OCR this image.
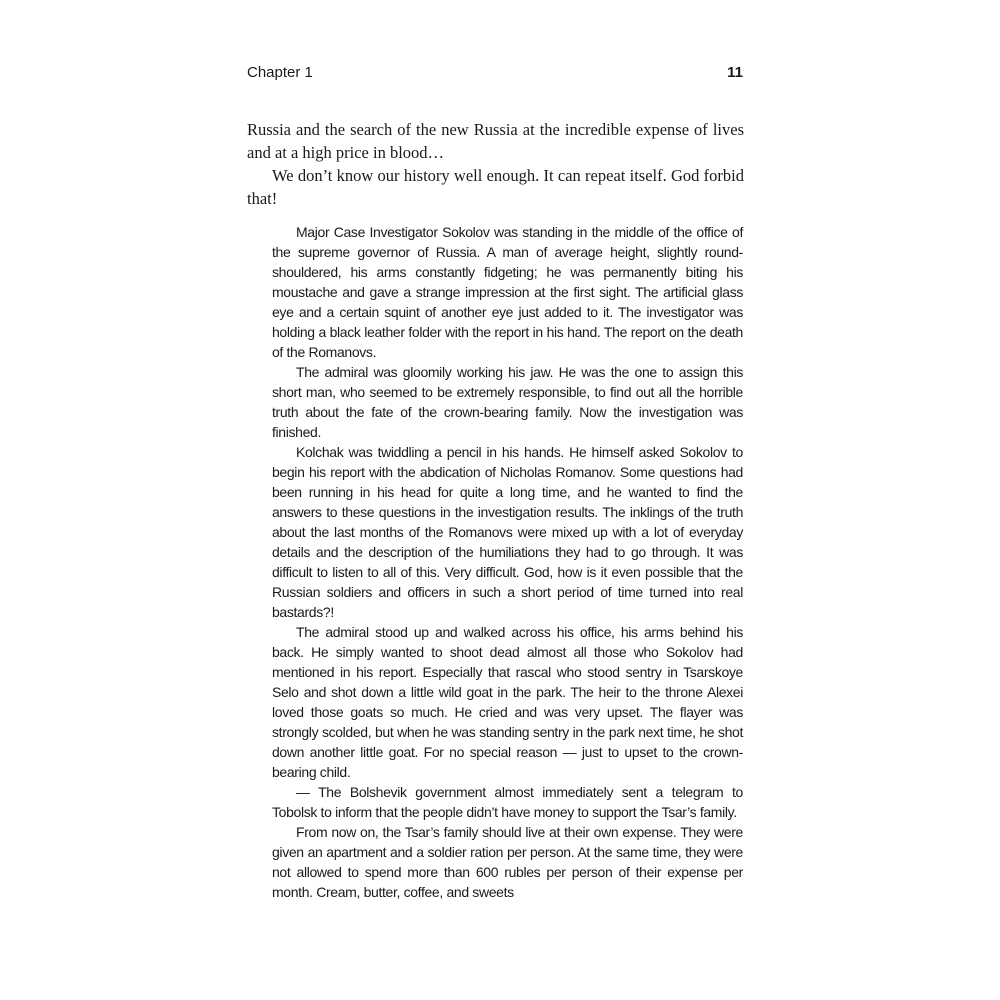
Chapter 1	11

Russia and the search of the new Russia at the incredible expense of lives and at a high price in blood…

We don’t know our history well enough. It can repeat itself. God forbid that!

Major Case Investigator Sokolov was standing in the middle of the office of the supreme governor of Russia. A man of average height, slightly round-shouldered, his arms constantly fidgeting; he was permanently biting his moustache and gave a strange impression at the first sight. The artificial glass eye and a certain squint of another eye just added to it. The investigator was holding a black leather folder with the report in his hand. The report on the death of the Romanovs.

The admiral was gloomily working his jaw. He was the one to assign this short man, who seemed to be extremely responsible, to find out all the horrible truth about the fate of the crown-bearing family. Now the investigation was finished.

Kolchak was twiddling a pencil in his hands. He himself asked Sokolov to begin his report with the abdication of Nicholas Romanov. Some questions had been running in his head for quite a long time, and he wanted to find the answers to these questions in the investigation results. The inklings of the truth about the last months of the Romanovs were mixed up with a lot of everyday details and the description of the humiliations they had to go through. It was difficult to listen to all of this. Very difficult. God, how is it even possible that the Russian soldiers and officers in such a short period of time turned into real bastards?!

The admiral stood up and walked across his office, his arms behind his back. He simply wanted to shoot dead almost all those who Sokolov had mentioned in his report. Especially that rascal who stood sentry in Tsarskoye Selo and shot down a little wild goat in the park. The heir to the throne Alexei loved those goats so much. He cried and was very upset. The flayer was strongly scolded, but when he was standing sentry in the park next time, he shot down another little goat. For no special reason — just to upset to the crown-bearing child.

— The Bolshevik government almost immediately sent a telegram to Tobolsk to inform that the people didn’t have money to support the Tsar’s family.

From now on, the Tsar’s family should live at their own expense. They were given an apartment and a soldier ration per person. At the same time, they were not allowed to spend more than 600 rubles per person of their expense per month. Cream, butter, coffee, and sweets
